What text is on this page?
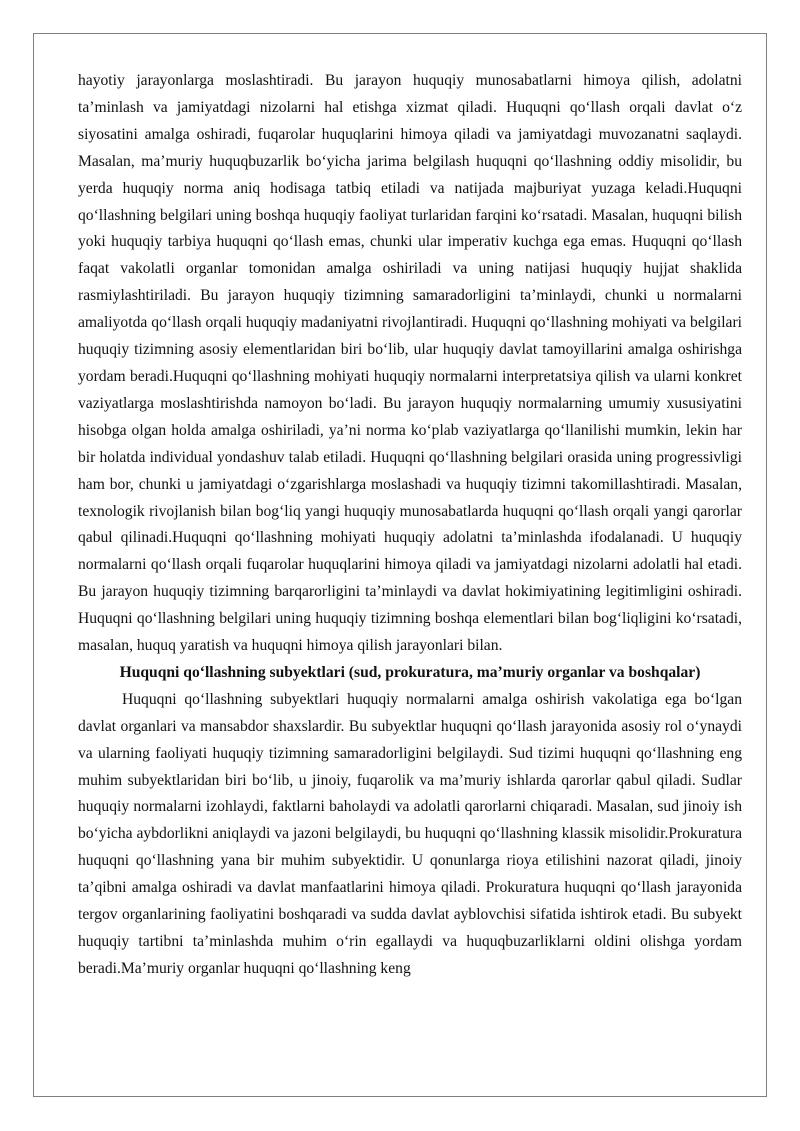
hayotiy jarayonlarga moslashtiradi. Bu jarayon huquqiy munosabatlarni himoya qilish, adolatni ta’minlash va jamiyatdagi nizolarni hal etishga xizmat qiladi. Huquqni qo‘llash orqali davlat o‘z siyosatini amalga oshiradi, fuqarolar huquqlarini himoya qiladi va jamiyatdagi muvozanatni saqlaydi. Masalan, ma’muriy huquqbuzarlik bo‘yicha jarima belgilash huquqni qo‘llashning oddiy misolidir, bu yerda huquqiy norma aniq hodisaga tatbiq etiladi va natijada majburiyat yuzaga keladi.Huquqni qo‘llashning belgilari uning boshqa huquqiy faoliyat turlaridan farqini ko‘rsatadi. Masalan, huquqni bilish yoki huquqiy tarbiya huquqni qo‘llash emas, chunki ular imperativ kuchga ega emas. Huquqni qo‘llash faqat vakolatli organlar tomonidan amalga oshiriladi va uning natijasi huquqiy hujjat shaklida rasmiylashtiriladi. Bu jarayon huquqiy tizimning samaradorligini ta’minlaydi, chunki u normalarni amaliyotda qo‘llash orqali huquqiy madaniyatni rivojlantiradi. Huquqni qo‘llashning mohiyati va belgilari huquqiy tizimning asosiy elementlaridan biri bo‘lib, ular huquqiy davlat tamoyillarini amalga oshirishga yordam beradi.Huquqni qo‘llashning mohiyati huquqiy normalarni interpretatsiya qilish va ularni konkret vaziyatlarga moslashtirishda namoyon bo‘ladi. Bu jarayon huquqiy normalarning umumiy xususiyatini hisobga olgan holda amalga oshiriladi, ya’ni norma ko‘plab vaziyatlarga qo‘llanilishi mumkin, lekin har bir holatda individual yondashuv talab etiladi. Huquqni qo‘llashning belgilari orasida uning progressivligi ham bor, chunki u jamiyatdagi o‘zgarishlarga moslashadi va huquqiy tizimni takomillashtiradi. Masalan, texnologik rivojlanish bilan bog‘liq yangi huquqiy munosabatlarda huquqni qo‘llash orqali yangi qarorlar qabul qilinadi.Huquqni qo‘llashning mohiyati huquqiy adolatni ta’minlashda ifodalanadi. U huquqiy normalarni qo‘llash orqali fuqarolar huquqlarini himoya qiladi va jamiyatdagi nizolarni adolatli hal etadi. Bu jarayon huquqiy tizimning barqarorligini ta’minlaydi va davlat hokimiyatining legitimligini oshiradi. Huquqni qo‘llashning belgilari uning huquqiy tizimning boshqa elementlari bilan bog‘liqligini ko‘rsatadi, masalan, huquq yaratish va huquqni himoya qilish jarayonlari bilan.

Huquqni qo‘llashning subyektlari (sud, prokuratura, ma’muriy organlar va boshqalar)

Huquqni qo‘llashning subyektlari huquqiy normalarni amalga oshirish vakolatiga ega bo‘lgan davlat organlari va mansabdor shaxslardir. Bu subyektlar huquqni qo‘llash jarayonida asosiy rol o‘ynaydi va ularning faoliyati huquqiy tizimning samaradorligini belgilaydi. Sud tizimi huquqni qo‘llashning eng muhim subyektlaridan biri bo‘lib, u jinoiy, fuqarolik va ma’muriy ishlarda qarorlar qabul qiladi. Sudlar huquqiy normalarni izohlaydi, faktlarni baholaydi va adolatli qarorlarni chiqaradi. Masalan, sud jinoiy ish bo‘yicha aybdorlikni aniqlaydi va jazoni belgilaydi, bu huquqni qo‘llashning klassik misolidir.Prokuratura huquqni qo‘llashning yana bir muhim subyektidir. U qonunlarga rioya etilishini nazorat qiladi, jinoiy ta’qibni amalga oshiradi va davlat manfaatlarini himoya qiladi. Prokuratura huquqni qo‘llash jarayonida tergov organlarining faoliyatini boshqaradi va sudda davlat ayblovchisi sifatida ishtirok etadi. Bu subyekt huquqiy tartibni ta’minlashda muhim o‘rin egallaydi va huquqbuzarliklarni oldini olishga yordam beradi.Ma’muriy organlar huquqni qo‘llashning keng
